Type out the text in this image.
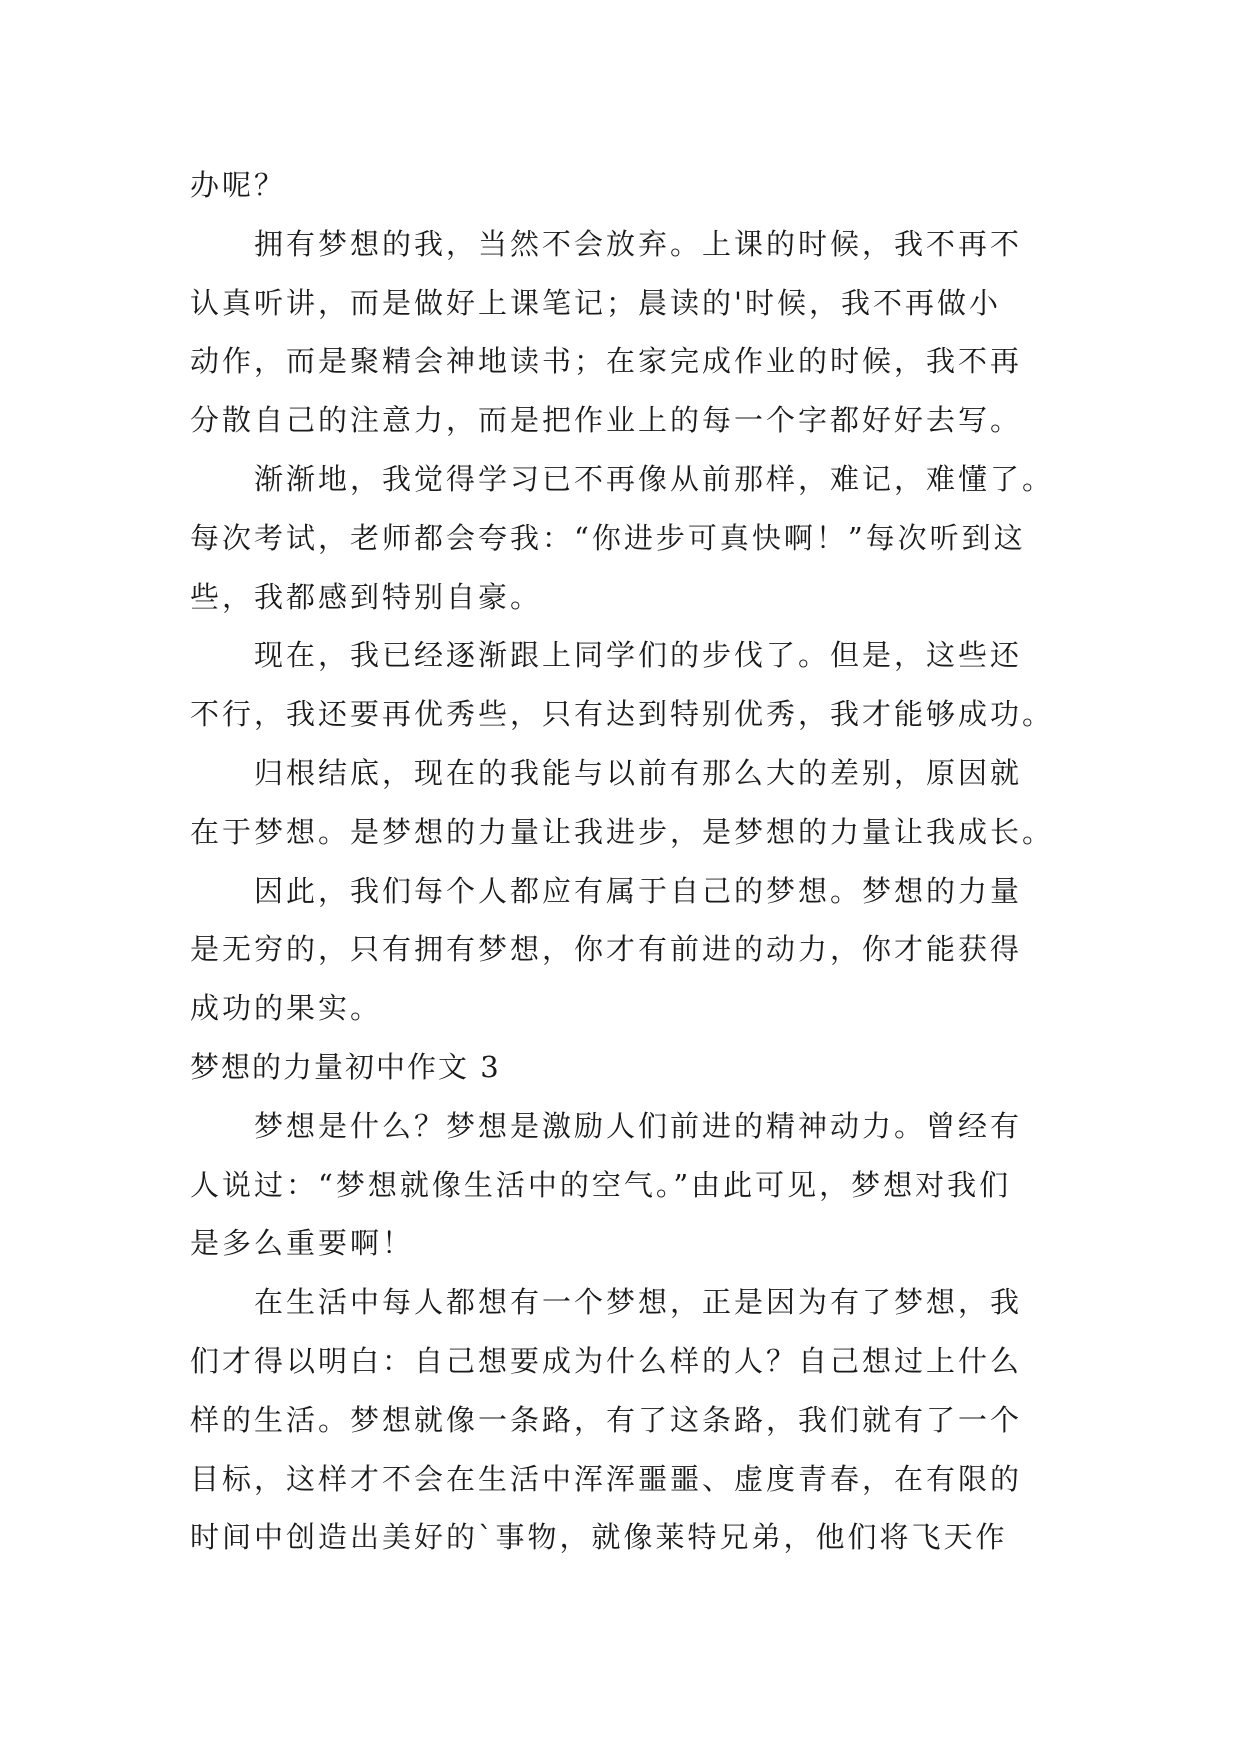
办呢？
拥有梦想的我，当然不会放弃。上课的时候，我不再不
认真听讲，而是做好上课笔记；晨读的'时候，我不再做小
动作，而是聚精会神地读书；在家完成作业的时候，我不再
分散自己的注意力，而是把作业上的每一个字都好好去写。
渐渐地，我觉得学习已不再像从前那样，难记，难懂了。
每次考试，老师都会夸我：“你进步可真快啊！”每次听到这
些，我都感到特别自豪。
现在，我已经逐渐跟上同学们的步伐了。但是，这些还
不行，我还要再优秀些，只有达到特别优秀，我才能够成功。
归根结底，现在的我能与以前有那么大的差别，原因就
在于梦想。是梦想的力量让我进步，是梦想的力量让我成长。
因此，我们每个人都应有属于自己的梦想。梦想的力量
是无穷的，只有拥有梦想，你才有前进的动力，你才能获得
成功的果实。
梦想的力量初中作文 3
梦想是什么？梦想是激励人们前进的精神动力。曾经有
人说过：“梦想就像生活中的空气。”由此可见，梦想对我们
是多么重要啊！
在生活中每人都想有一个梦想，正是因为有了梦想，我
们才得以明白：自己想要成为什么样的人？自己想过上什么
样的生活。梦想就像一条路，有了这条路，我们就有了一个
目标，这样才不会在生活中浑浑噩噩、虚度青春，在有限的
时间中创造出美好的`事物，就像莱特兄弟，他们将飞天作
